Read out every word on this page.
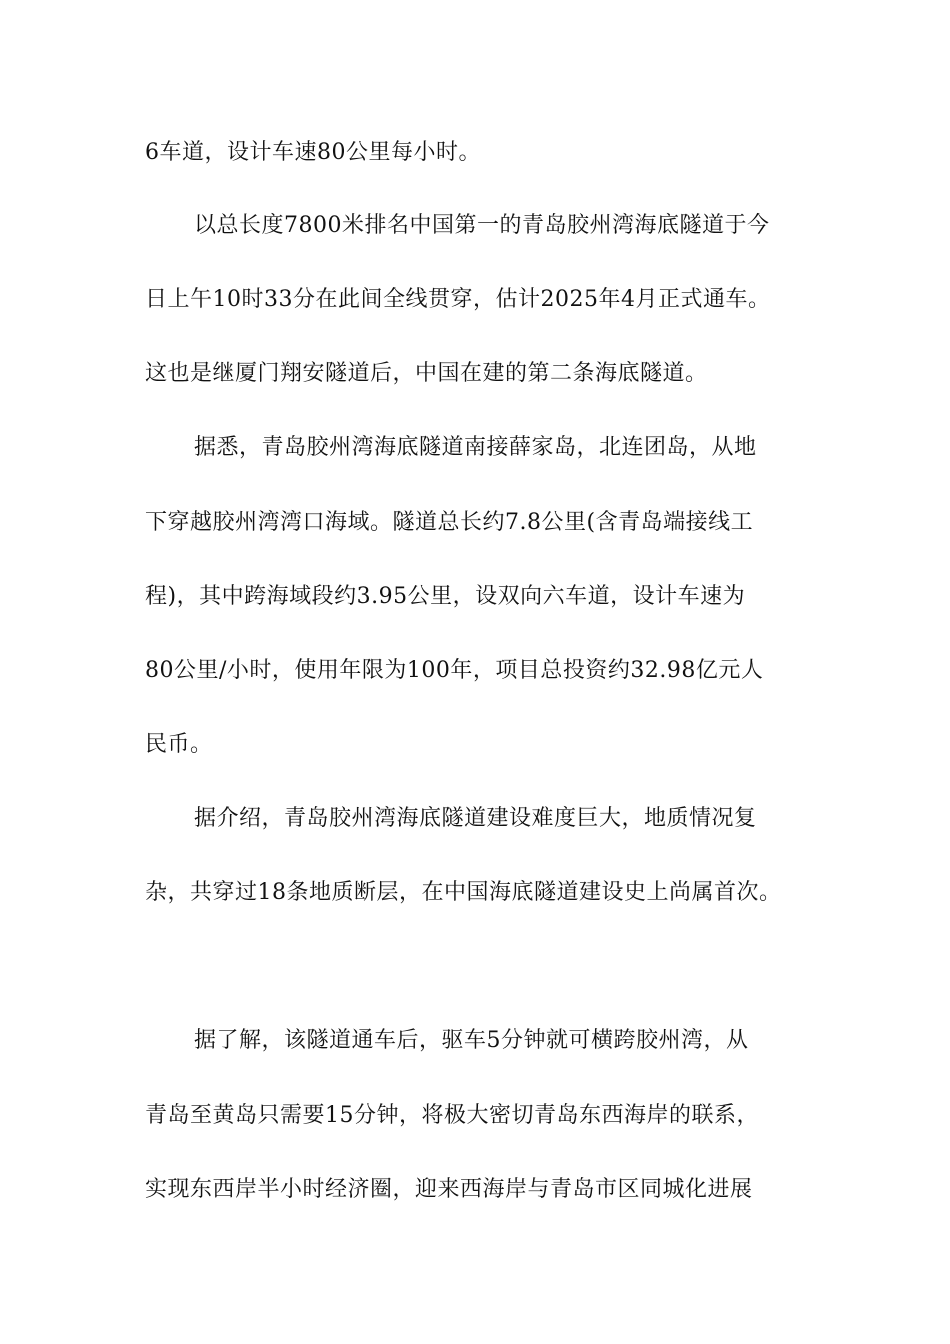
6车道，设计车速80公里每小时。
以总长度7800米排名中国第一的青岛胶州湾海底隧道于今
日上午10时33分在此间全线贯穿，估计2025年4月正式通车。
这也是继厦门翔安隧道后，中国在建的第二条海底隧道。
据悉，青岛胶州湾海底隧道南接薛家岛，北连团岛，从地
下穿越胶州湾湾口海域。隧道总长约7.8公里(含青岛端接线工
程)，其中跨海域段约3.95公里，设双向六车道，设计车速为
80公里/小时，使用年限为100年，项目总投资约32.98亿元人
民币。
据介绍，青岛胶州湾海底隧道建设难度巨大，地质情况复
杂，共穿过18条地质断层，在中国海底隧道建设史上尚属首次。
据了解，该隧道通车后，驱车5分钟就可横跨胶州湾，从
青岛至黄岛只需要15分钟，将极大密切青岛东西海岸的联系，
实现东西岸半小时经济圈，迎来西海岸与青岛市区同城化进展
